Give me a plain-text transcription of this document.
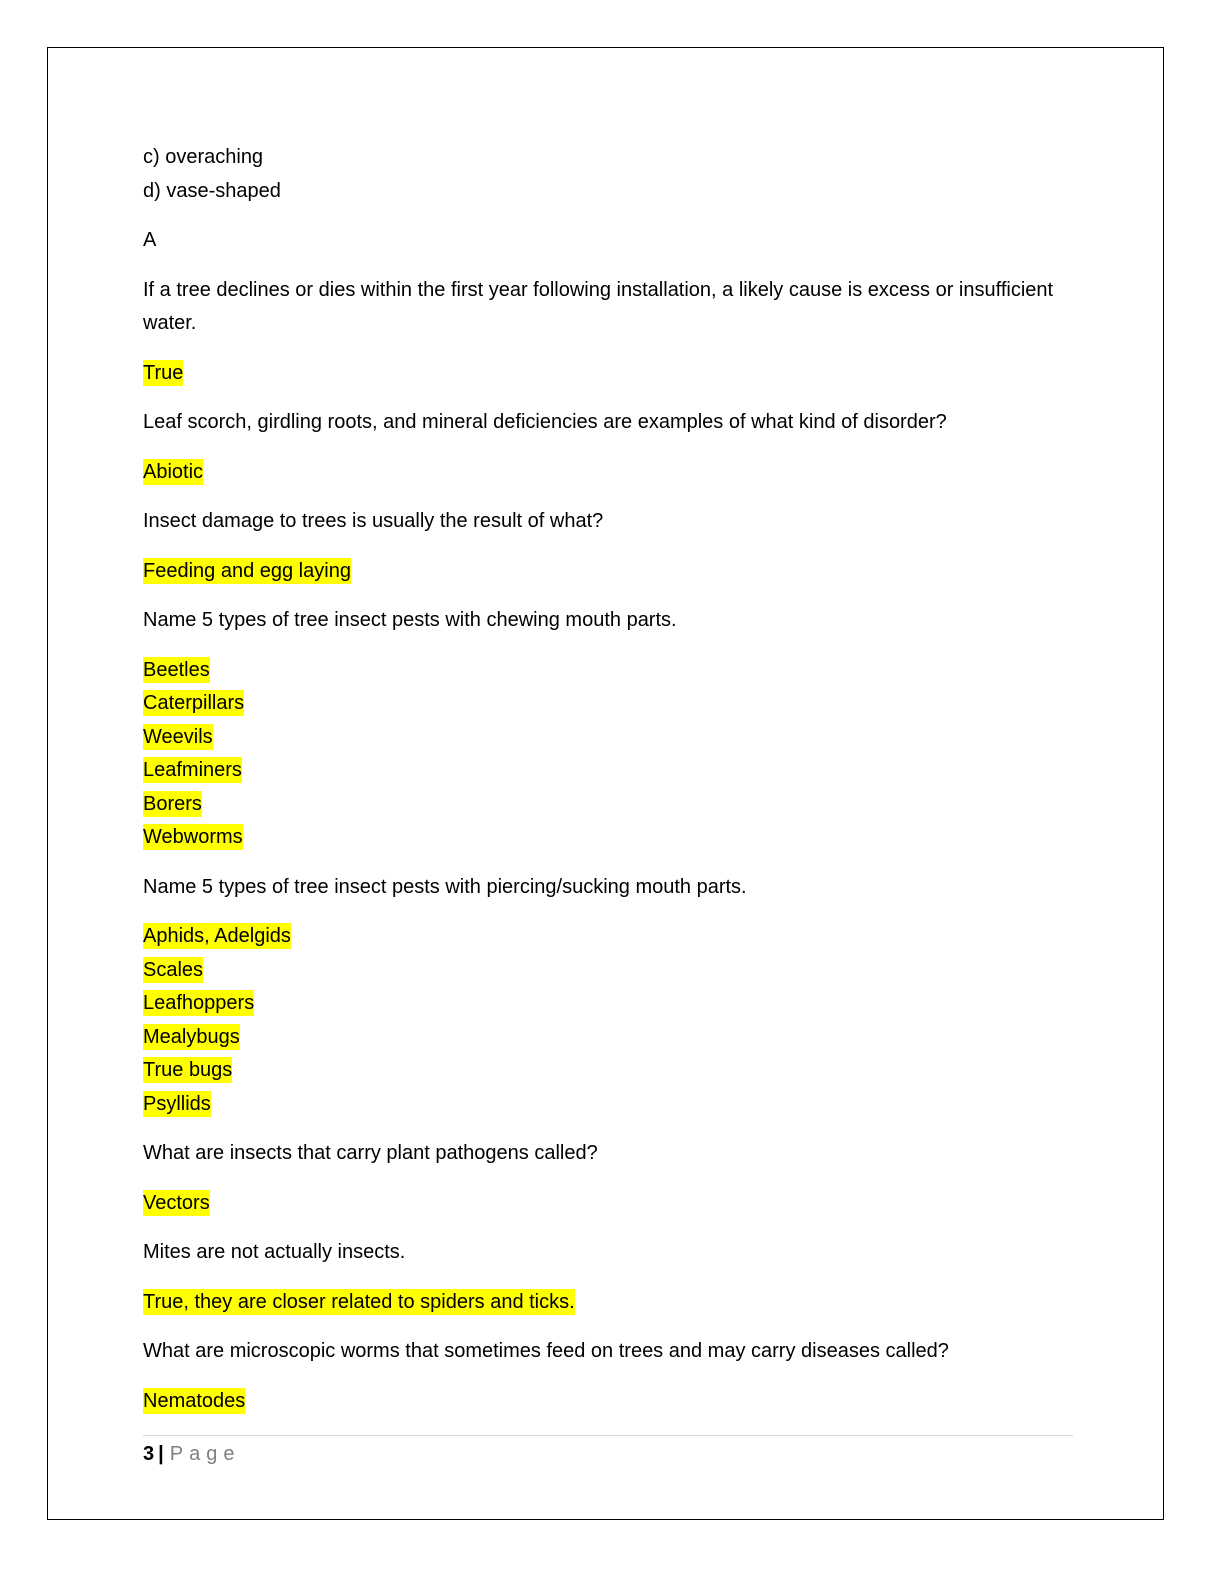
c) overaching
d) vase-shaped
A
If a tree declines or dies within the first year following installation, a likely cause is excess or insufficient water.
True
Leaf scorch, girdling roots, and mineral deficiencies are examples of what kind of disorder?
Abiotic
Insect damage to trees is usually the result of what?
Feeding and egg laying
Name 5 types of tree insect pests with chewing mouth parts.
Beetles
Caterpillars
Weevils
Leafminers
Borers
Webworms
Name 5 types of tree insect pests with piercing/sucking mouth parts.
Aphids, Adelgids
Scales
Leafhoppers
Mealybugs
True bugs
Psyllids
What are insects that carry plant pathogens called?
Vectors
Mites are not actually insects.
True, they are closer related to spiders and ticks.
What are microscopic worms that sometimes feed on trees and may carry diseases called?
Nematodes
3 | Page
